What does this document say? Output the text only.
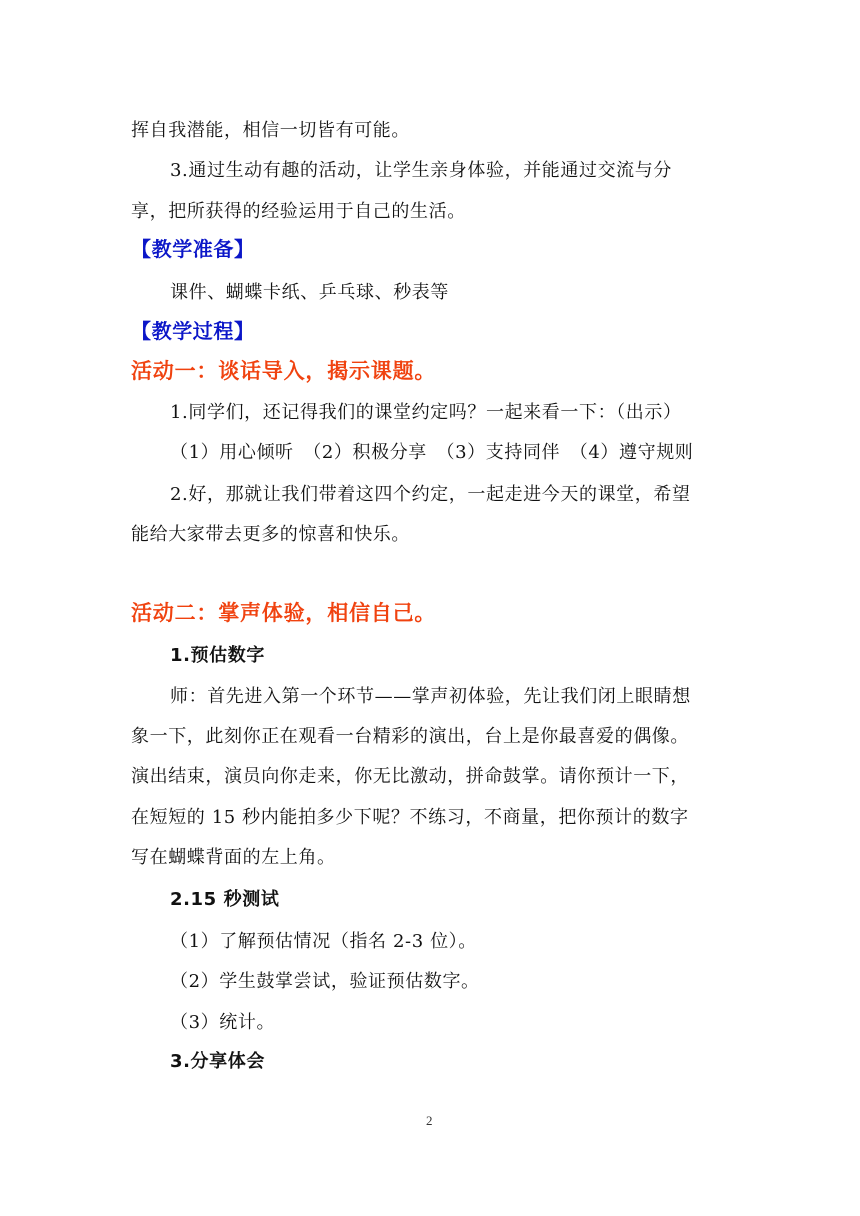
挥自我潜能，相信一切皆有可能。
3.通过生动有趣的活动，让学生亲身体验，并能通过交流与分
享，把所获得的经验运用于自己的生活。
【教学准备】
课件、蝴蝶卡纸、乒乓球、秒表等
【教学过程】
活动一：谈话导入，揭示课题。
1.同学们，还记得我们的课堂约定吗？一起来看一下：（出示）
（1）用心倾听　（2）积极分享　（3）支持同伴　（4）遵守规则
2.好，那就让我们带着这四个约定，一起走进今天的课堂，希望
能给大家带去更多的惊喜和快乐。
活动二：掌声体验，相信自己。
1.预估数字
师：首先进入第一个环节——掌声初体验，先让我们闭上眼睛想
象一下，此刻你正在观看一台精彩的演出，台上是你最喜爱的偶像。
演出结束，演员向你走来，你无比激动，拼命鼓掌。请你预计一下，
在短短的 15 秒内能拍多少下呢？不练习，不商量，把你预计的数字
写在蝴蝶背面的左上角。
2.15 秒测试
（1）了解预估情况（指名 2-3 位）。
（2）学生鼓掌尝试，验证预估数字。
（3）统计。
3.分享体会
2
